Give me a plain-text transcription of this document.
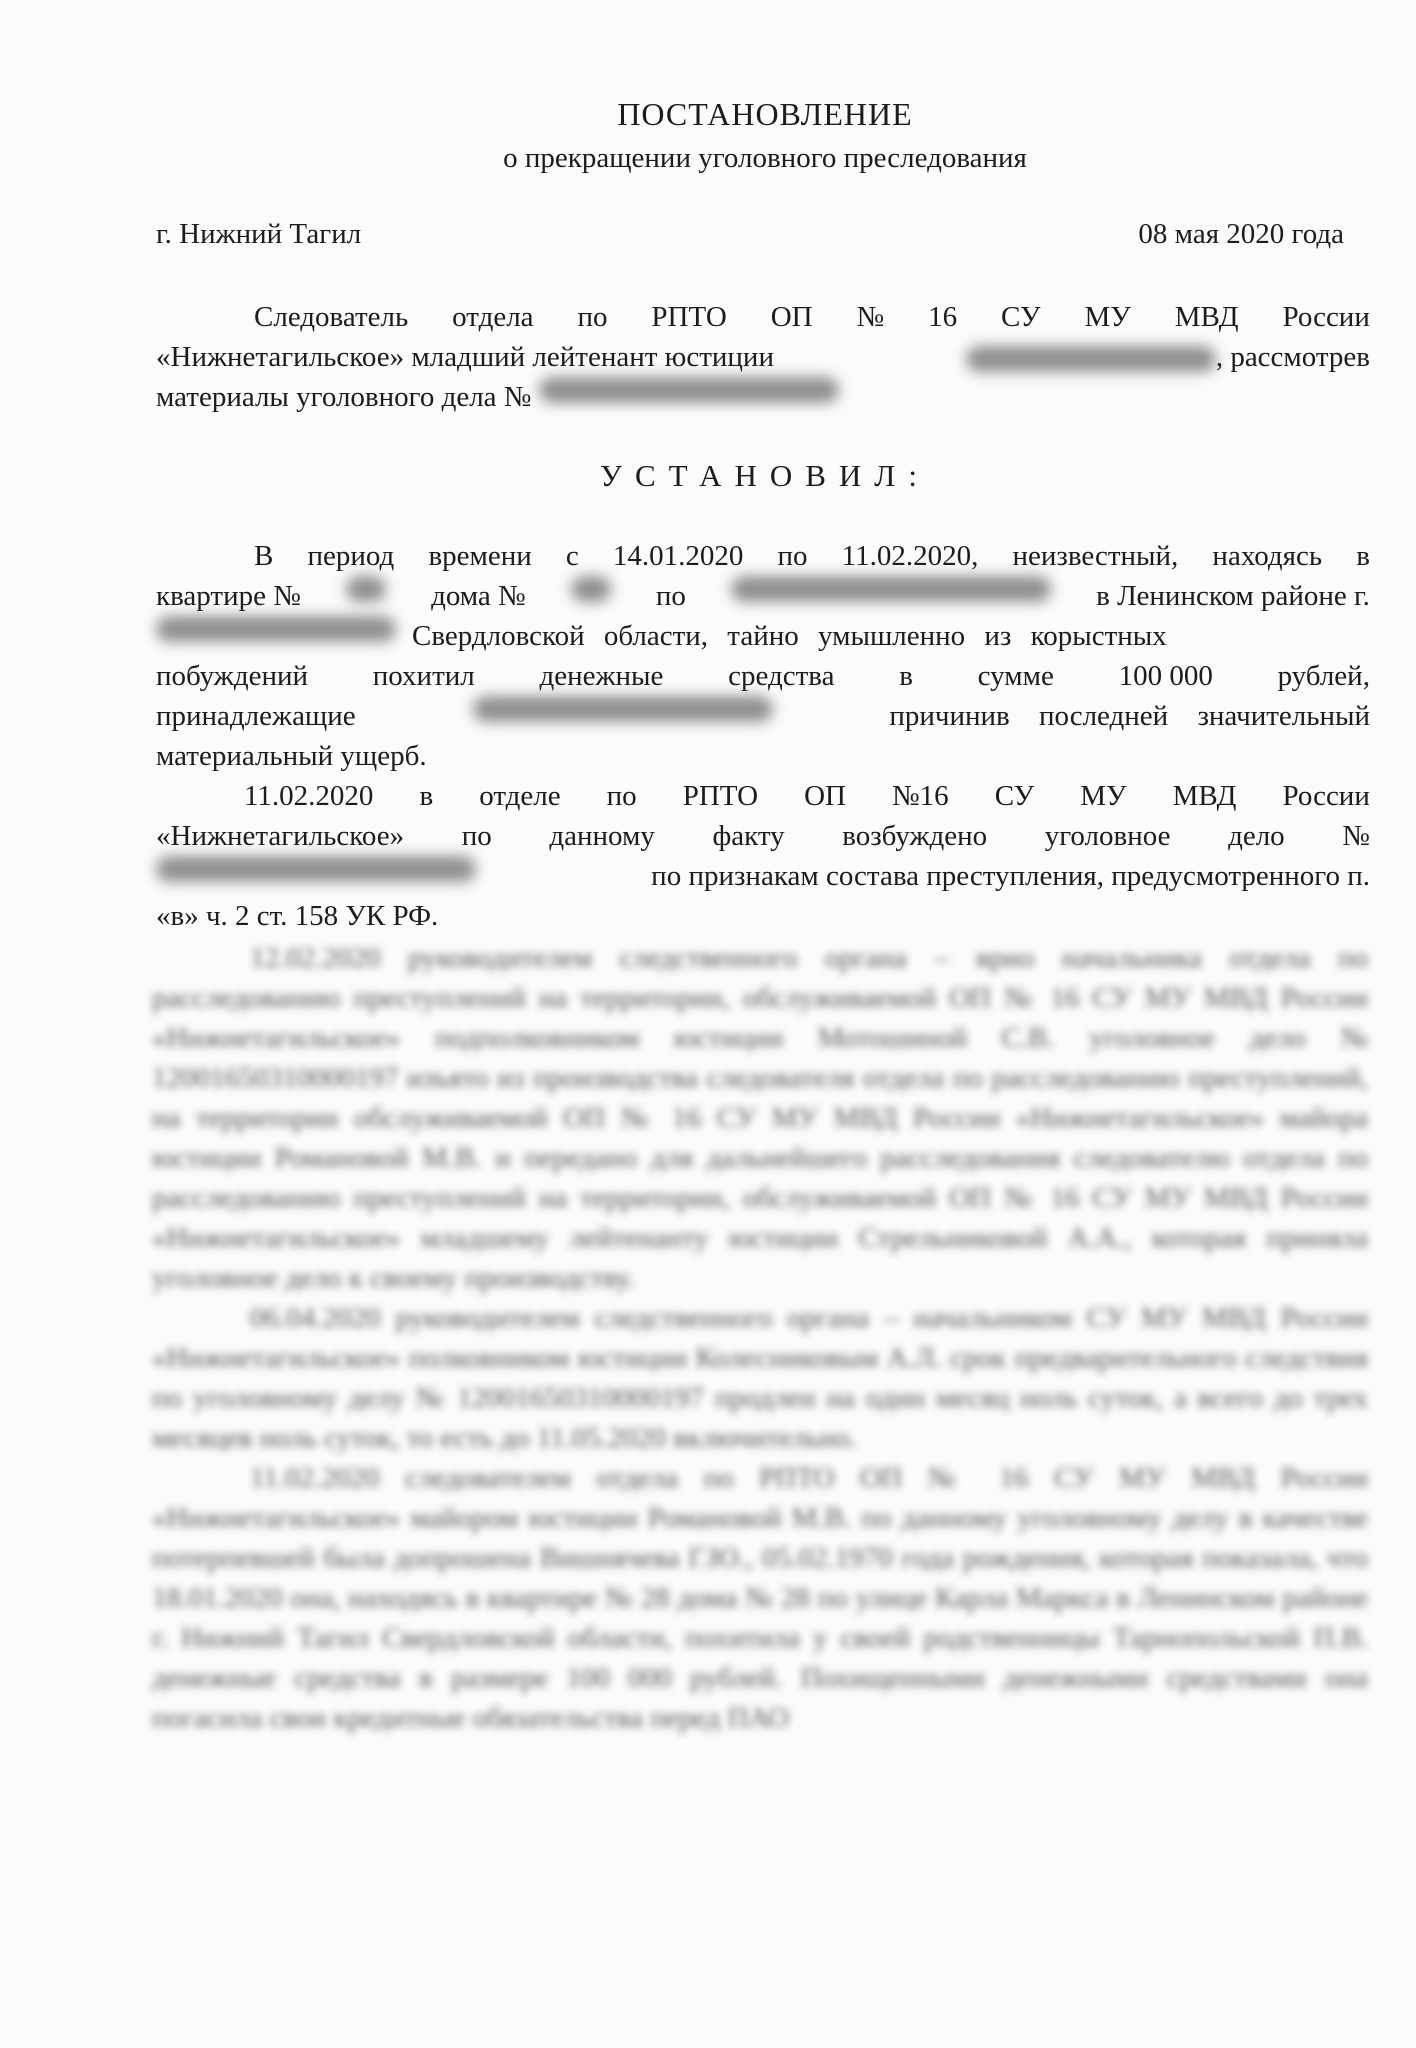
ПОСТАНОВЛЕНИЕ
о прекращении уголовного преследования
г. Нижний Тагил	08 мая 2020 года
Следователь отдела по РПТО ОП № 16 СУ МУ МВД России
«Нижнетагильское» младший лейтенант юстиции	, рассмотрев
материалы уголовного дела №
УСТАНОВИЛ:
В период времени с 14.01.2020 по 11.02.2020, неизвестный, находясь в
квартире №	дома №	по	в Ленинском районе г.
Свердловской области, тайно умышленно из корыстных
побуждений похитил денежные средства в сумме 100 000 рублей,
принадлежащие	причинив последней значительный
материальный ущерб.
11.02.2020 в отделе по РПТО ОП №16 СУ МУ МВД России
«Нижнетагильское» по данному факту возбуждено уголовное дело №
по признакам состава преступления, предусмотренного п.
«в» ч. 2 ст. 158 УК РФ.

12.02.2020 руководителем следственного органа – врио начальника отдела по расследованию преступлений на территории, обслуживаемой ОП № 16 СУ МУ МВД России «Нижнетагильское» подполковником юстиции Мотошиной С.В. уголовное дело № 12001650310000197 изъято из производства следователя отдела по расследованию преступлений, на территории обслуживаемой ОП № 16 СУ МУ МВД России «Нижнетагильское» майора юстиции Романовой М.В. и передано для дальнейшего расследования следователю отдела по расследованию преступлений на территории, обслуживаемой ОП № 16 СУ МУ МВД России «Нижнетагильское» младшему лейтенанту юстиции Стрельниковой А.А., которая приняла уголовное дело к своему производству.

06.04.2020 руководителем следственного органа – начальником СУ МУ МВД России «Нижнетагильское» полковником юстиции Колесниковым А.Л. срок предварительного следствия по уголовному делу № 12001650310000197 продлен на один месяц ноль суток, а всего до трех месяцев ноль суток, то есть до 11.05.2020 включительно.

11.02.2020 следователем отдела по РПТО ОП № 16 СУ МУ МВД России «Нижнетагильское» майором юстиции Романовой М.В. по данному уголовному делу в качестве потерпевшей была допрошена Вишнячева Г.Ю., 05.02.1970 года рождения, которая показала, что 18.01.2020 она, находясь в квартире № 28 дома № 28 по улице Карла Маркса в Ленинском районе г. Нижний Тагил Свердловской области, похитила у своей родственницы Тарнопольской П.В. денежные средства в размере 100 000 рублей. Похищенными денежными средствами она погасила свои кредитные обязательства перед ПАО
